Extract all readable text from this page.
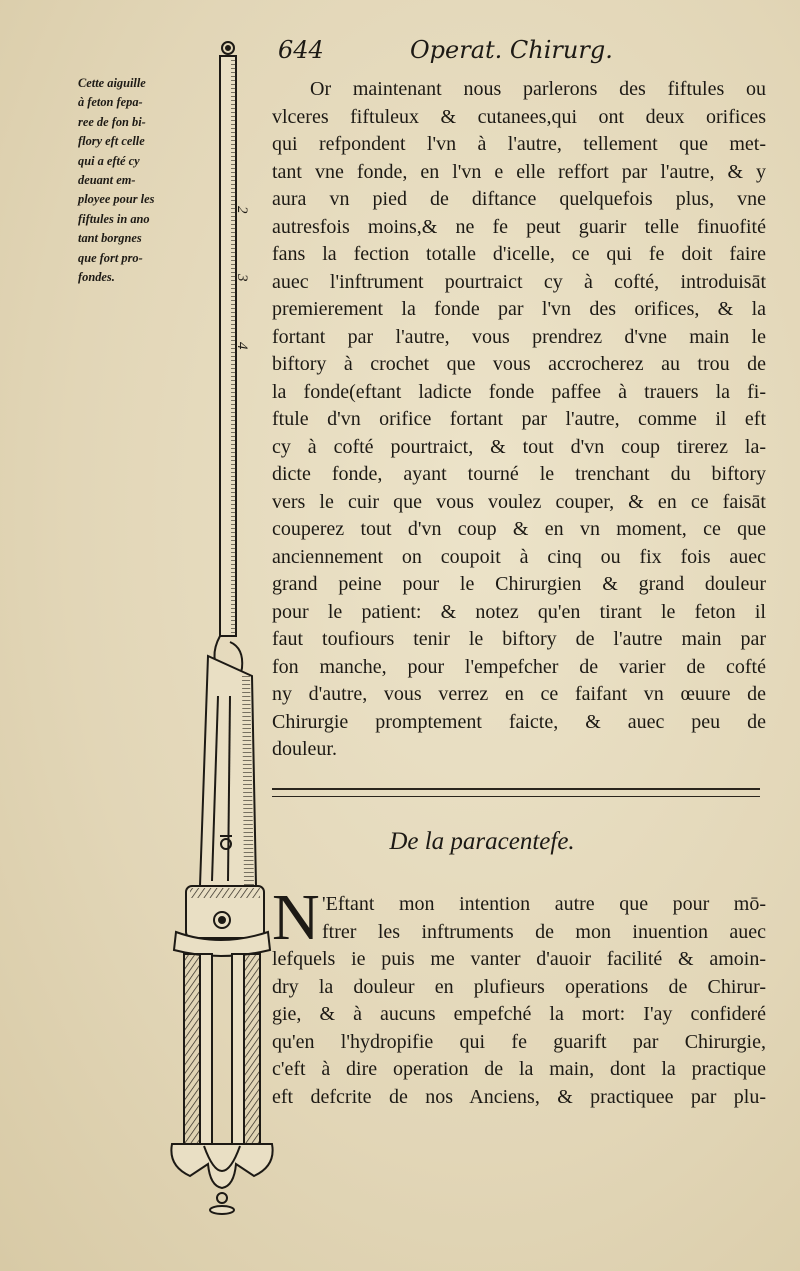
644	Operat. Chirurg.
Cette aiguille
à feton fepa-
ree de fon bi-
flory eft celle
qui a efté cy
deuant em-
ployee pour les
fiftules in ano
tant borgnes
que fort pro-
fondes.
2
3
4
Or maintenant nous parlerons des fiftules ou
vlceres fiftuleux & cutanees,qui ont deux orifices
qui refpondent l'vn à l'autre, tellement que met-
tant vne fonde, en l'vn e elle reffort par l'autre, & y
aura vn pied de diftance quelquefois plus, vne
autresfois moins,& ne fe peut guarir telle finuofité
fans la fection totalle d'icelle, ce qui fe doit faire
auec l'inftrument pourtraict cy à cofté, introduisāt
premierement la fonde par l'vn des orifices, & la
fortant par l'autre, vous prendrez d'vne main le
biftory à crochet que vous accrocherez au trou de
la fonde(eftant ladicte fonde paffee à trauers la fi-
ftule d'vn orifice fortant par l'autre, comme il eft
cy à cofté pourtraict, & tout d'vn coup tirerez la-
dicte fonde, ayant tourné le trenchant du biftory
vers le cuir que vous voulez couper, & en ce faisāt
couperez tout d'vn coup & en vn moment, ce que
anciennement on coupoit à cinq ou fix fois auec
grand peine pour le Chirurgien & grand douleur
pour le patient: & notez qu'en tirant le feton il
faut toufiours tenir le biftory de l'autre main par
fon manche, pour l'empefcher de varier de cofté
ny d'autre, vous verrez en ce faifant vn œuure de
Chirurgie promptement faicte, & auec peu de
douleur.
De la paracentefe.
N 'Eftant mon intention autre que pour mō-
ftrer les inftruments de mon inuention auec
lefquels ie puis me vanter d'auoir facilité & amoin-
dry la douleur en plufieurs operations de Chirur-
gie, & à aucuns empefché la mort: I'ay confideré
qu'en l'hydropifie qui fe guarift par Chirurgie,
c'eft à dire operation de la main, dont la practique
eft defcrite de nos Anciens, & practiquee par plu-
